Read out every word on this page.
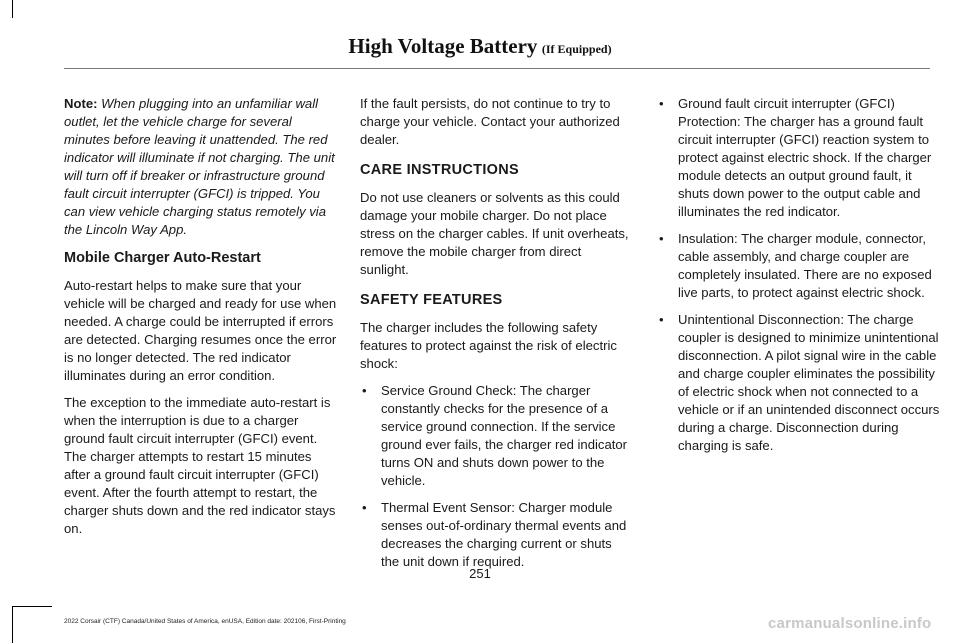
High Voltage Battery (If Equipped)

Note: When plugging into an unfamiliar wall outlet, let the vehicle charge for several minutes before leaving it unattended. The red indicator will illuminate if not charging. The unit will turn off if breaker or infrastructure ground fault circuit interrupter (GFCI) is tripped. You can view vehicle charging status remotely via the Lincoln Way App.

Mobile Charger Auto-Restart

Auto-restart helps to make sure that your vehicle will be charged and ready for use when needed. A charge could be interrupted if errors are detected. Charging resumes once the error is no longer detected. The red indicator illuminates during an error condition.

The exception to the immediate auto-restart is when the interruption is due to a charger ground fault circuit interrupter (GFCI) event. The charger attempts to restart 15 minutes after a ground fault circuit interrupter (GFCI) event. After the fourth attempt to restart, the charger shuts down and the red indicator stays on.

If the fault persists, do not continue to try to charge your vehicle. Contact your authorized dealer.

CARE INSTRUCTIONS

Do not use cleaners or solvents as this could damage your mobile charger. Do not place stress on the charger cables. If unit overheats, remove the mobile charger from direct sunlight.

SAFETY FEATURES

The charger includes the following safety features to protect against the risk of electric shock:

• Service Ground Check: The charger constantly checks for the presence of a service ground connection. If the service ground ever fails, the charger red indicator turns ON and shuts down power to the vehicle.
• Thermal Event Sensor: Charger module senses out-of-ordinary thermal events and decreases the charging current or shuts the unit down if required.
• Ground fault circuit interrupter (GFCI) Protection: The charger has a ground fault circuit interrupter (GFCI) reaction system to protect against electric shock. If the charger module detects an output ground fault, it shuts down power to the output cable and illuminates the red indicator.
• Insulation: The charger module, connector, cable assembly, and charge coupler are completely insulated. There are no exposed live parts, to protect against electric shock.
• Unintentional Disconnection: The charge coupler is designed to minimize unintentional disconnection. A pilot signal wire in the cable and charge coupler eliminates the possibility of electric shock when not connected to a vehicle or if an unintended disconnect occurs during a charge. Disconnection during charging is safe.
251
2022 Corsair (CTF) Canada/United States of America, enUSA, Edition date: 202106, First-Printing	carmanualsonline.info
